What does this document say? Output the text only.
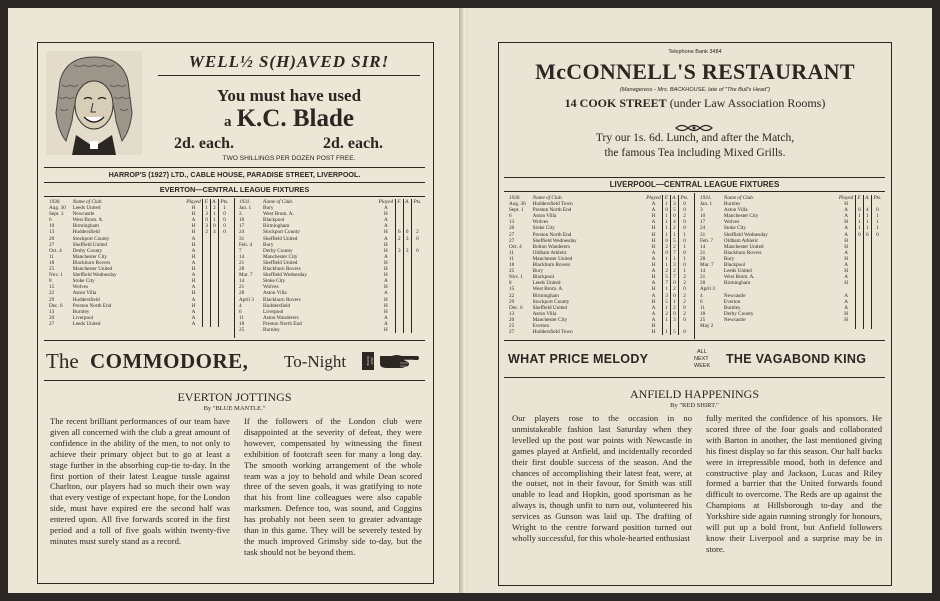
WELL½ S(H)AVED SIR!
You must have used
a K.C. Blade
2d. each.	2d. each.
TWO SHILLINGS PER DOZEN POST FREE.
HARROP'S (1927) LTD., CABLE HOUSE, PARADISE STREET, LIVERPOOL.
EVERTON—CENTRAL LEAGUE FIXTURES
1930.	Name of Club.	Played	F.	A.	Pts.
Aug. 30	Leeds United	H	1	2	1
Sept. 3	Newcastle	H	3	1	0
6	West Brom. A.	A	0	1	0
10	Birmingham	H	3	0	0
13	Huddersfield	H	2	4	0
20	Stockport County	A			
27	Sheffield United	H			
Oct. 4	Derby County	A			
11	Manchester City	H			
18	Blackburn Rovers	A			
25	Manchester United	H			
Nov. 1	Sheffield Wednesday	A			
8	Stoke City	H			
15	Wolves	A			
22	Aston Villa	H			
29	Huddersfield	A			
Dec. 6	Preston North End	H			
13	Burnley	A			
20	Liverpool	A			
27	Leeds United	A			
1931.	Name of Club.	Played	F.	A.	Pts.
Jan. 1	Bury	A			
3	West Brom. A.	H			
10	Blackpool	A			
17	Birmingham	A			
24	Stockport County	H	6	0	2
31	Sheffield United	A	2	3	0
Feb. 4	Bury	H			
7	Derby County	H	3	3	0
14	Manchester City	A			
21	Sheffield United	H			
28	Blackburn Rovers	H			
Mar. 7	Sheffield Wednesday	H			
14	Stoke City	A			
21	Wolves	H			
28	Aston Villa	A			
April 3	Blackburn Rovers	H			
4	Huddersfield	H			
6	Liverpool	H			
11	Aston Wanderers	A			
18	Preston North End	A			
25	Burnley	H			
The COMMODORE, To-Night	JACK PAYNE
EVERTON JOTTINGS
By "BLUE MANTLE."
The recent brilliant performances of our team have given all concerned with the club a great amount of confidence in the ability of the men, to not only to achieve their primary object but to go at least a stage further in the absorbing cup-tie to-day. In the first portion of their latest League tussle against Charlton, our players had so much their own way that every vestige of expectant hope, for the London side, must have expired ere the second half was entered upon. All five forwards scored in the first period and a toll of five goals within twenty-five minutes must surely stand as a record.
If the followers of the London club were disappointed at the severity of defeat, they were however, compensated by witnessing the finest exhibition of footcraft seen for many a long day. The smooth working arrangement of the whole team was a joy to behold and while Dean scored three of the seven goals, it was gratifying to note that his front line colleagues were also capable marksmen. Defence too, was sound, and Coggins has probably not been seen to greater advantage than in this game. They will be severely tested by the much improved Grimsby side to-day, but the task should not be beyond them.
Telephone Bank 3484
McCONNELL'S RESTAURANT
(Manageress - Mrs. BACKHOUSE, late of "The Bull's Head")
14 COOK STREET (under Law Association Rooms)
Try our 1s. 6d. Lunch, and after the Match,
the famous Tea including Mixed Grills.
LIVERPOOL—CENTRAL LEAGUE FIXTURES
1930.	Name of Club.	Played	F.	A.	Pts.
Aug. 30	Huddersfield Town	A	1	3	0
Sept. 1	Preston North End	A	0	5	0
6	Aston Villa	H	1	0	2
13	Wolves	A	1	4	0
20	Stoke City	H	1	2	0
27	Preston North End	H	1	1	1
27	Sheffield Wednesday	H	0	5	0
Oct. 4	Bolton Wanderers	H	2	2	1
11	Oldham Athletic	A	0	7	0
11	Manchester United	A	1	1	1
18	Blackburn Rovers	H	1	3	0
25	Bury	A	2	2	1
Nov. 1	Blackpool	H	5	7	2
8	Leeds United	A	7	0	2
15	West Brom. A.	H	1	2	0
22	Birmingham	A	3	0	2
29	Stockport County	H	5	1	2
Dec. 6	Sheffield United	A	1	2	0
13	Aston Villa	A	2	0	2
20	Manchester City	A	1	3	0
25	Everton	H			
27	Huddersfield Town	H	1	5	0
1931.	Name of Club.	Played	F.	A.	Pts.
Jan. 1	Burnley	H			
3	Aston Villa	A	0	4	0
10	Manchester City	A	1	1	1
17	Wolves	H	1	1	1
24	Stoke City	A	1	1	1
31	Sheffield Wednesday	A	0	6	0
Feb. 7	Oldham Athletic	H			
14	Manchester United	H			
21	Blackburn Rovers	A			
28	Bury	H			
Mar. 7	Blackpool	A			
14	Leeds United	H			
21	West Brom. A.	A			
28	Birmingham	H			
April 3					
4	Newcastle	A			
6	Everton	A			
11	Burnley	A			
18	Derby County	H			
25	Newcastle	H			
May 2					
WHAT PRICE MELODY	ALL
NEXT
WEEK THE VAGABOND KING
ANFIELD HAPPENINGS
By "RED SHIRT."
Our players rose to the occasion in no unmistakeable fashion last Saturday when they levelled up the post war points with Newcastle in games played at Anfield, and incidentally recorded their first double success of the season. And the chances of accomplishing their latest feat, were, at the outset, not in their favour, for Smith was still unable to lead and Hopkin, good sportsman as he always is, though unfit to turn out, volunteered his services as Gunson was laid up. The drafting of Wright to the centre forward position turned out wholly successful, for this whole-hearted enthusiast
fully merited the confidence of his sponsors. He scored three of the four goals and collaborated with Barton in another, the last mentioned giving his finest display so far this season. Our half backs were in irrepressible mood, both in defence and constructive play and Jackson, Lucas and Riley formed a barrier that the United forwards found difficult to overcome. The Reds are up against the Champions at Hillsborough to-day and the Yorkshire side again running strongly for honours, will put up a bold front, but Anfield followers know their Liverpool and a surprise may be in store.
